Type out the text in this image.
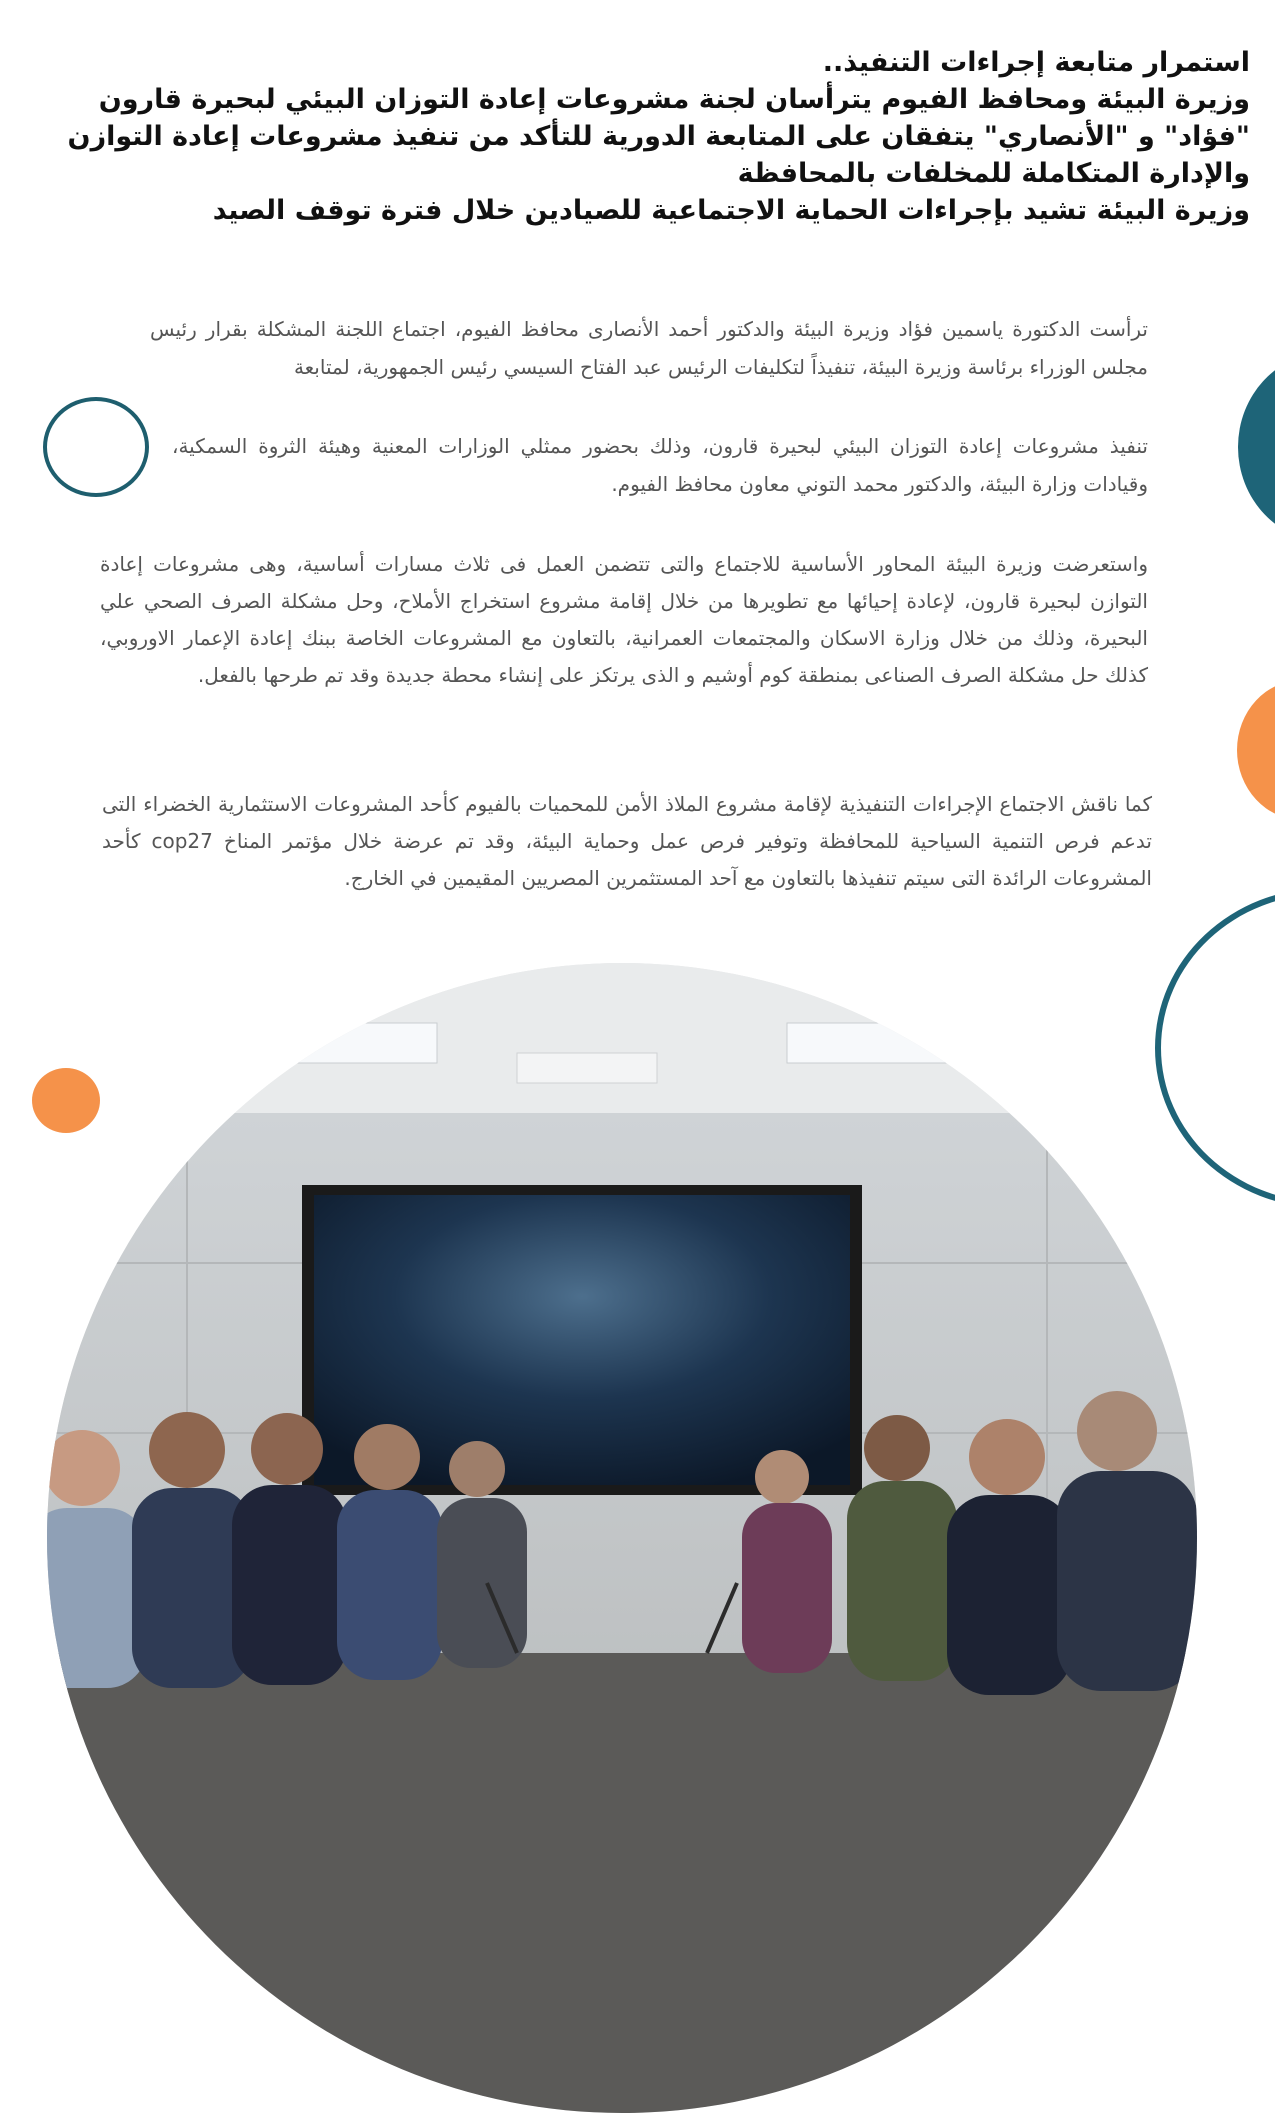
استمرار متابعة إجراءات التنفيذ..
وزيرة البيئة ومحافظ الفيوم يترأسان لجنة مشروعات إعادة التوزان البيئي لبحيرة قارون
"فؤاد" و "الأنصاري" يتفقان على المتابعة الدورية للتأكد من تنفيذ مشروعات إعادة التوازن
والإدارة المتكاملة للمخلفات بالمحافظة
وزيرة البيئة تشيد بإجراءات الحماية الاجتماعية للصيادين خلال فترة توقف الصيد
ترأست الدكتورة ياسمين فؤاد وزيرة البيئة والدكتور أحمد الأنصارى محافظ الفيوم، اجتماع اللجنة المشكلة بقرار رئيس مجلس الوزراء برئاسة وزيرة البيئة، تنفيذاً لتكليفات الرئيس عبد الفتاح السيسي رئيس الجمهورية، لمتابعة
تنفيذ مشروعات إعادة التوزان البيئي لبحيرة قارون، وذلك بحضور ممثلي الوزارات المعنية وهيئة الثروة السمكية، وقيادات وزارة البيئة، والدكتور محمد التوني معاون محافظ الفيوم.
واستعرضت وزيرة البيئة المحاور الأساسية للاجتماع والتى تتضمن العمل فى ثلاث مسارات أساسية، وهى مشروعات إعادة التوازن لبحيرة قارون، لإعادة إحيائها مع تطويرها من خلال إقامة مشروع استخراج الأملاح، وحل مشكلة الصرف الصحي علي البحيرة، وذلك من خلال وزارة الاسكان والمجتمعات العمرانية، بالتعاون مع المشروعات الخاصة ببنك إعادة الإعمار الاوروبي، كذلك حل مشكلة الصرف الصناعى بمنطقة كوم أوشيم و الذى يرتكز على إنشاء محطة جديدة وقد تم طرحها بالفعل.
كما ناقش الاجتماع الإجراءات التنفيذية لإقامة مشروع الملاذ الأمن للمحميات بالفيوم كأحد المشروعات الاستثمارية الخضراء التى تدعم فرص التنمية السياحية للمحافظة وتوفير فرص عمل وحماية البيئة، وقد تم عرضة خلال مؤتمر المناخ cop27 كأحد المشروعات الرائدة التى سيتم تنفيذها بالتعاون مع آحد المستثمرين المصريين المقيمين في الخارج.
